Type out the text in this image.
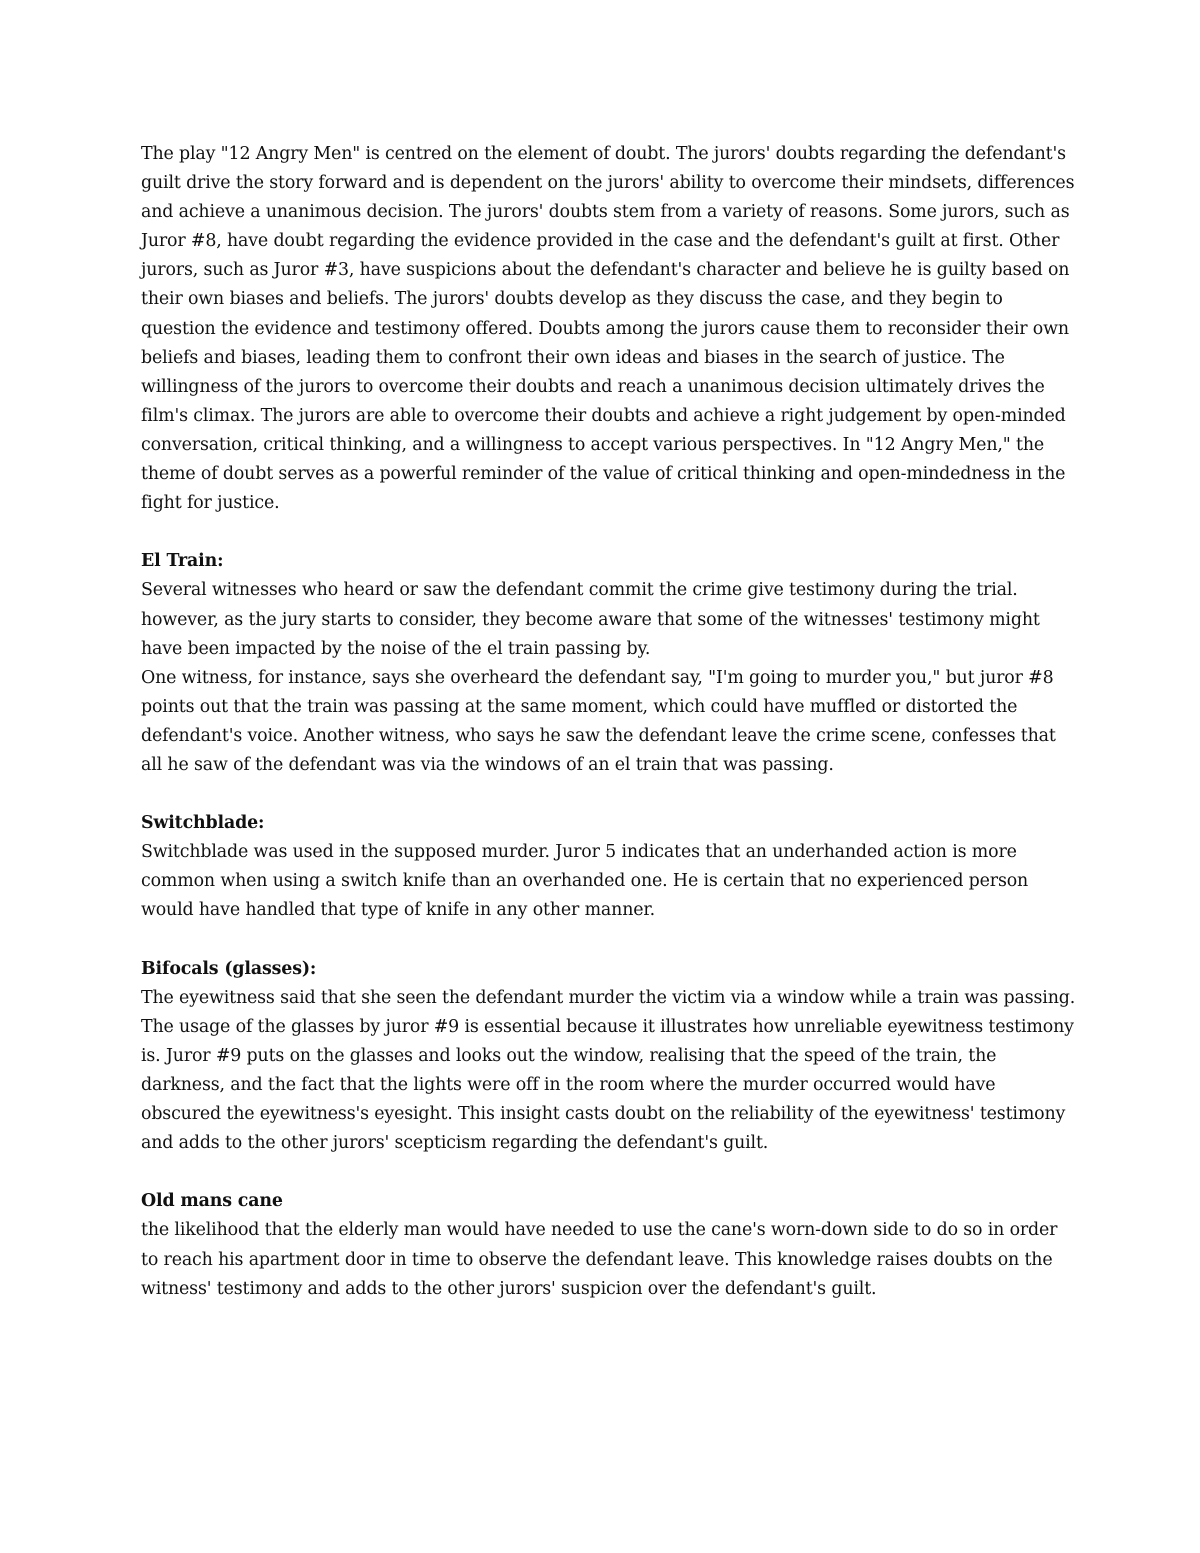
The play "12 Angry Men" is centred on the element of doubt. The jurors' doubts regarding the defendant's guilt drive the story forward and is dependent on the jurors' ability to overcome their mindsets, differences and achieve a unanimous decision. The jurors' doubts stem from a variety of reasons. Some jurors, such as Juror #8, have doubt regarding the evidence provided in the case and the defendant's guilt at first. Other jurors, such as Juror #3, have suspicions about the defendant's character and believe he is guilty based on their own biases and beliefs. The jurors' doubts develop as they discuss the case, and they begin to question the evidence and testimony offered. Doubts among the jurors cause them to reconsider their own beliefs and biases, leading them to confront their own ideas and biases in the search of justice. The willingness of the jurors to overcome their doubts and reach a unanimous decision ultimately drives the film's climax. The jurors are able to overcome their doubts and achieve a right judgement by open-minded conversation, critical thinking, and a willingness to accept various perspectives. In "12 Angry Men," the theme of doubt serves as a powerful reminder of the value of critical thinking and open-mindedness in the fight for justice.

El Train:

Several witnesses who heard or saw the defendant commit the crime give testimony during the trial. however, as the jury starts to consider, they become aware that some of the witnesses' testimony might have been impacted by the noise of the el train passing by.

One witness, for instance, says she overheard the defendant say, "I'm going to murder you," but juror #8 points out that the train was passing at the same moment, which could have muffled or distorted the defendant's voice. Another witness, who says he saw the defendant leave the crime scene, confesses that all he saw of the defendant was via the windows of an el train that was passing.

Switchblade:

Switchblade was used in the supposed murder. Juror 5 indicates that an underhanded action is more common when using a switch knife than an overhanded one. He is certain that no experienced person would have handled that type of knife in any other manner.

Bifocals (glasses):

The eyewitness said that she seen the defendant murder the victim via a window while a train was passing. The usage of the glasses by juror #9 is essential because it illustrates how unreliable eyewitness testimony is. Juror #9 puts on the glasses and looks out the window, realising that the speed of the train, the darkness, and the fact that the lights were off in the room where the murder occurred would have obscured the eyewitness's eyesight. This insight casts doubt on the reliability of the eyewitness' testimony and adds to the other jurors' scepticism regarding the defendant's guilt.

Old mans cane

the likelihood that the elderly man would have needed to use the cane's worn-down side to do so in order to reach his apartment door in time to observe the defendant leave. This knowledge raises doubts on the witness' testimony and adds to the other jurors' suspicion over the defendant's guilt.
